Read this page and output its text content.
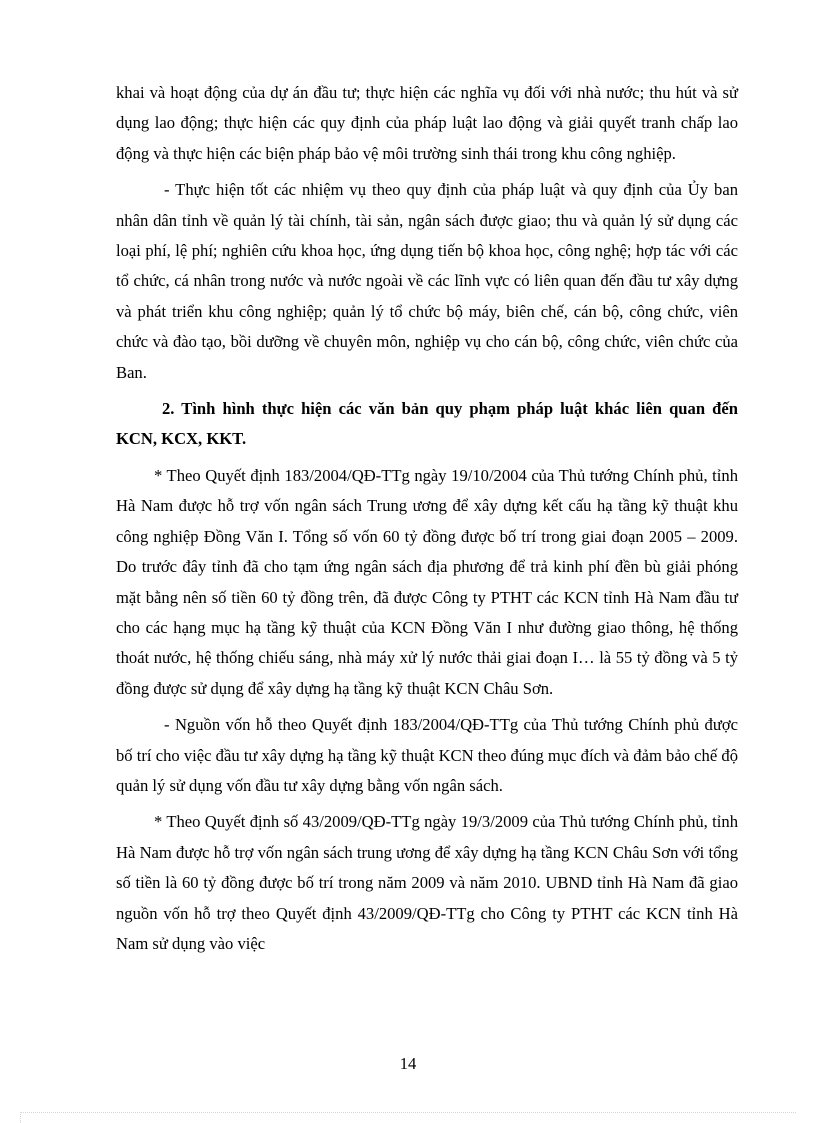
khai và hoạt động của dự án đầu tư; thực hiện các nghĩa vụ đối với nhà nước; thu hút và sử dụng lao động; thực hiện các quy định của pháp luật lao động và giải quyết tranh chấp lao động và thực hiện các biện pháp bảo vệ môi trường sinh thái trong khu công nghiệp.

- Thực hiện tốt các nhiệm vụ theo quy định của pháp luật và quy định của Ủy ban nhân dân tỉnh về quản lý tài chính, tài sản, ngân sách được giao; thu và quản lý sử dụng các loại phí, lệ phí; nghiên cứu khoa học, ứng dụng tiến bộ khoa học, công nghệ; hợp tác với các tổ chức, cá nhân trong nước và nước ngoài về các lĩnh vực có liên quan đến đầu tư xây dựng và phát triển khu công nghiệp; quản lý tổ chức bộ máy, biên chế, cán bộ, công chức, viên chức và đào tạo, bồi dưỡng về chuyên môn, nghiệp vụ cho cán bộ, công chức, viên chức của Ban.

2. Tình hình thực hiện các văn bản quy phạm pháp luật khác liên quan đến KCN, KCX, KKT.

* Theo Quyết định 183/2004/QĐ-TTg ngày 19/10/2004 của Thủ tướng Chính phủ, tỉnh Hà Nam được hỗ trợ vốn ngân sách Trung ương để xây dựng kết cấu hạ tầng kỹ thuật khu công nghiệp Đồng Văn I. Tổng số vốn 60 tỷ đồng được bố trí trong giai đoạn 2005 – 2009. Do trước đây tỉnh đã cho tạm ứng ngân sách địa phương để trả kinh phí đền bù giải phóng mặt bằng nên số tiền 60 tỷ đồng trên, đã được Công ty PTHT các KCN tỉnh Hà Nam đầu tư cho các hạng mục hạ tầng kỹ thuật của KCN Đồng Văn I như đường giao thông, hệ thống thoát nước, hệ thống chiếu sáng, nhà máy xử lý nước thải giai đoạn I… là 55 tỷ đồng và 5 tỷ đồng được sử dụng để xây dựng hạ tầng kỹ thuật KCN Châu Sơn.

- Nguồn vốn hỗ theo Quyết định 183/2004/QĐ-TTg của Thủ tướng Chính phủ được bố trí cho việc đầu tư xây dựng hạ tầng kỹ thuật KCN theo đúng mục đích và đảm bảo chế độ quản lý sử dụng vốn đầu tư xây dựng bằng vốn ngân sách.

* Theo Quyết định số 43/2009/QĐ-TTg ngày 19/3/2009 của Thủ tướng Chính phủ, tỉnh Hà Nam được hỗ trợ vốn ngân sách trung ương để xây dựng hạ tầng KCN Châu Sơn với tổng số tiền là 60 tỷ đồng được bố trí trong năm 2009 và năm 2010. UBND tỉnh Hà Nam đã giao nguồn vốn hỗ trợ theo Quyết định 43/2009/QĐ-TTg cho Công ty PTHT các KCN tỉnh Hà Nam sử dụng vào việc

14
